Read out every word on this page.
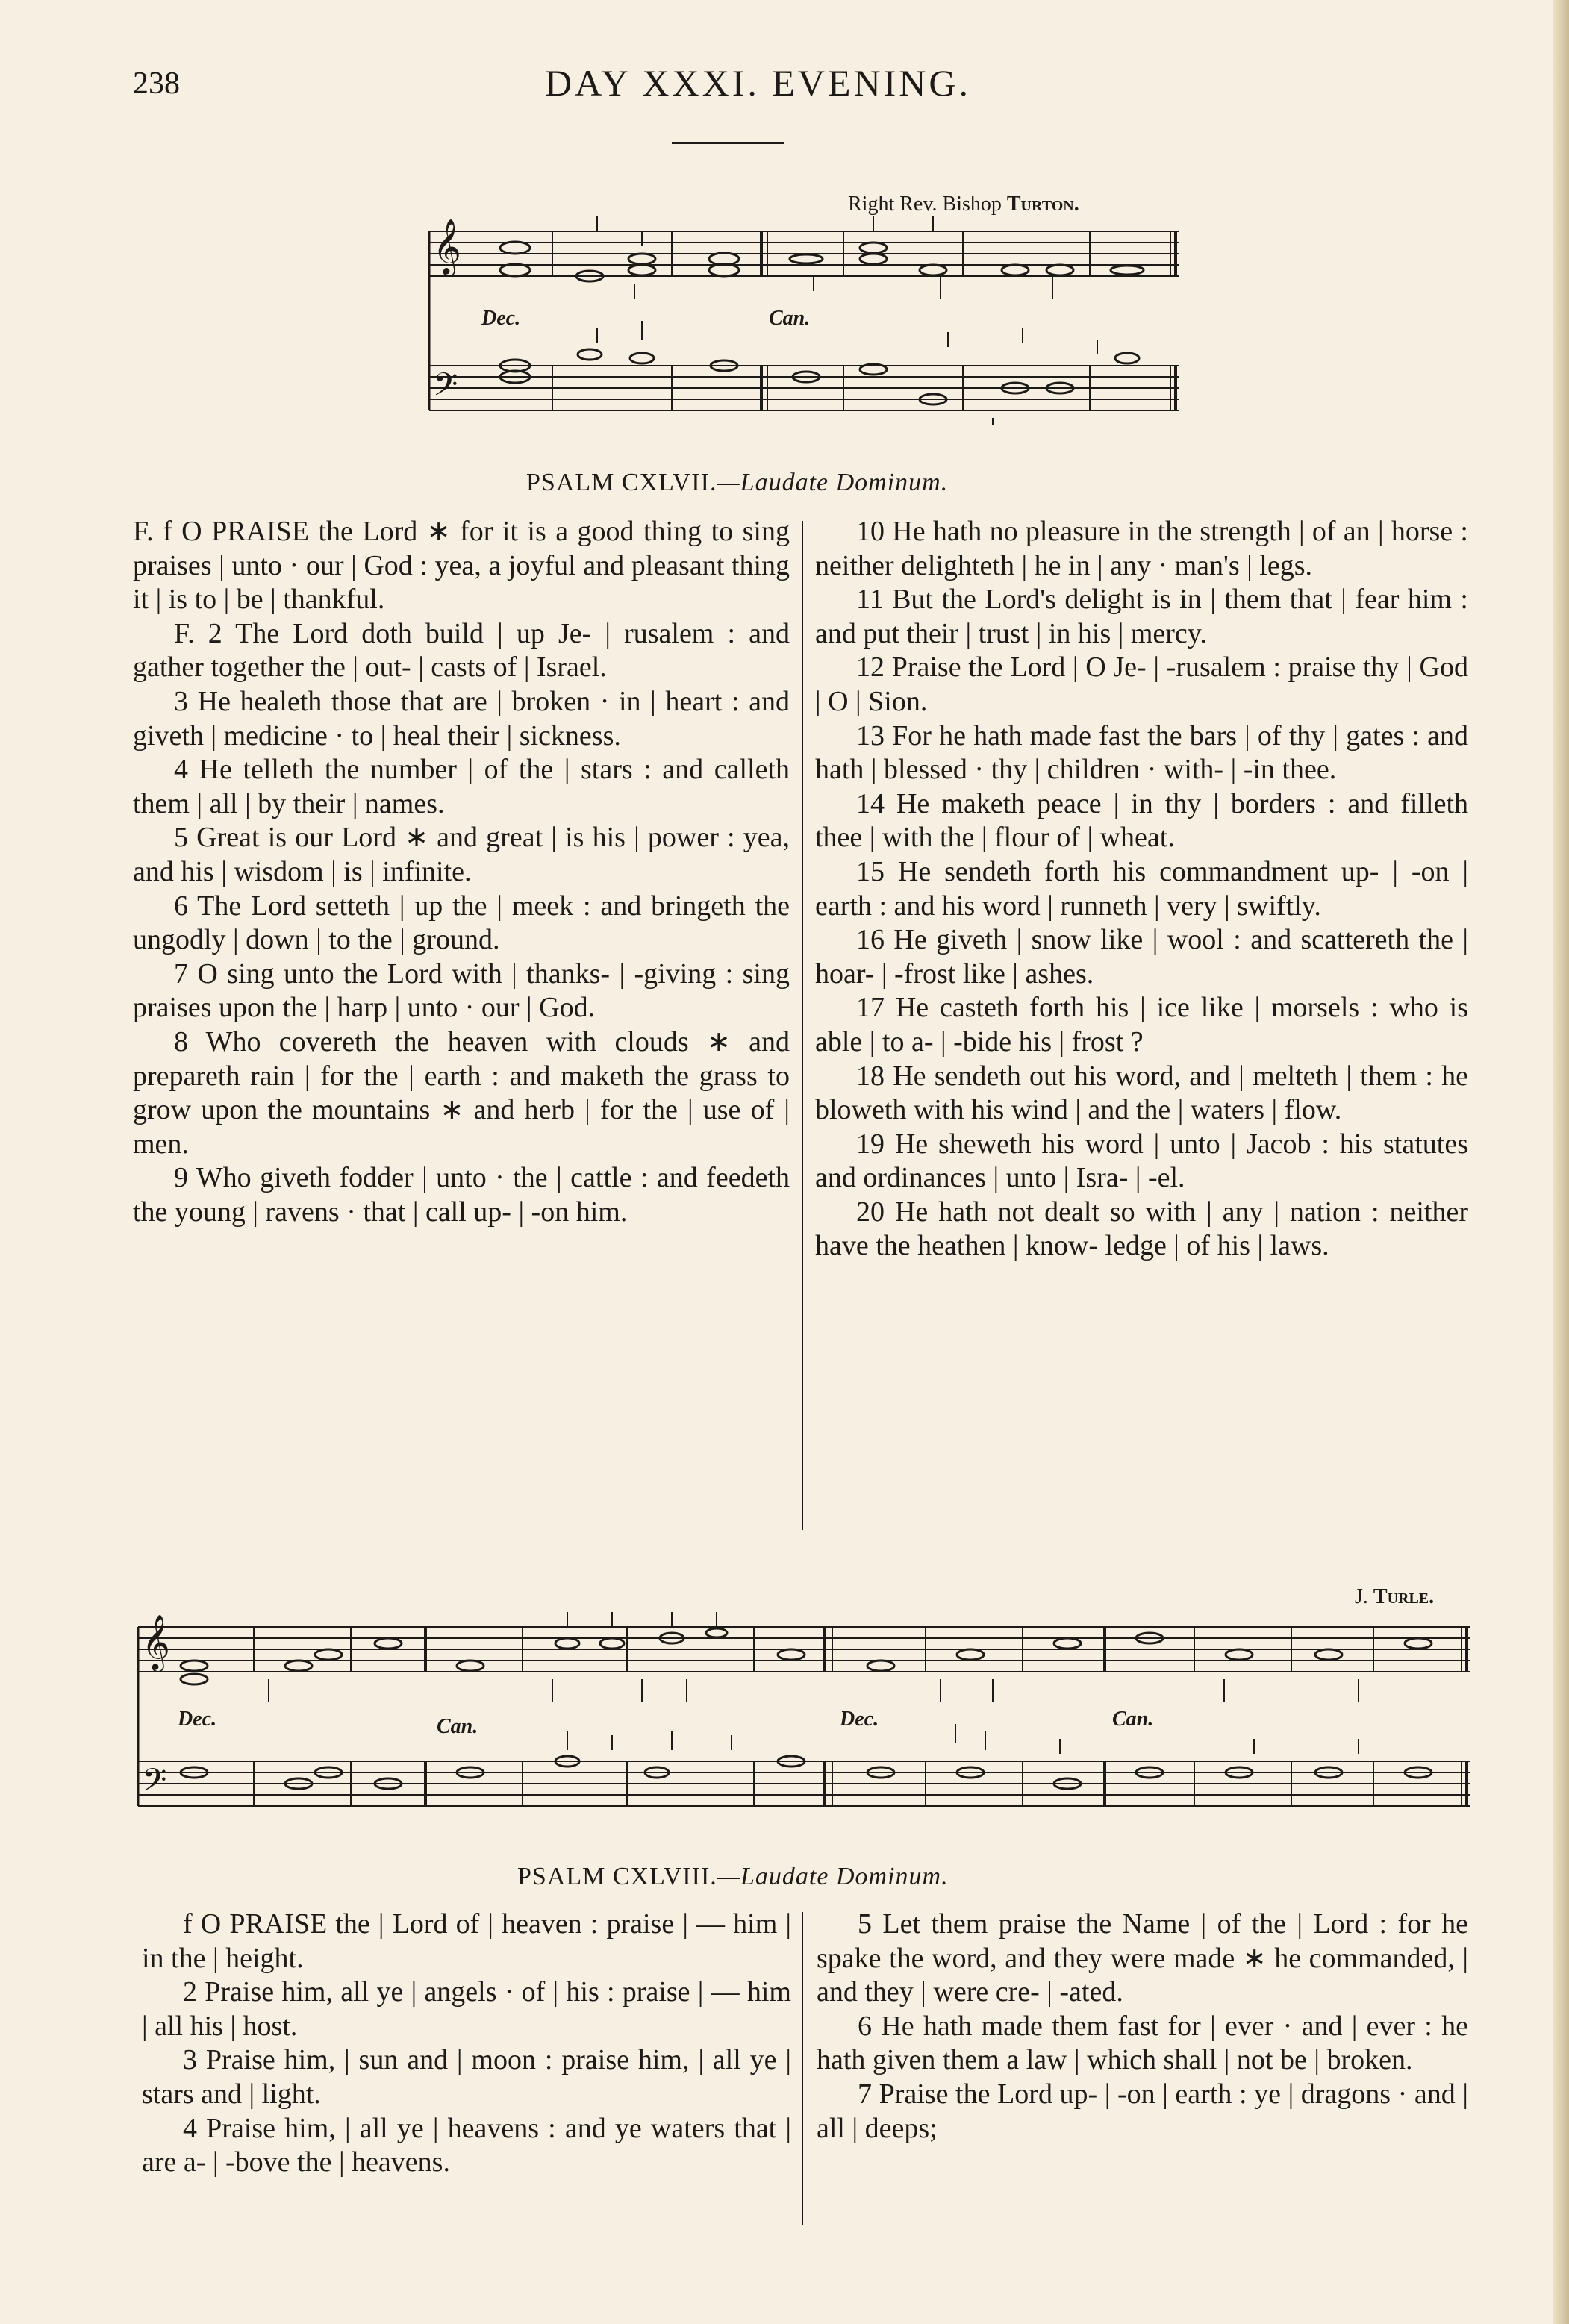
238	DAY XXXI. EVENING.
Right Rev. Bishop Turton.
𝄞
𝄢
Dec.	Can.
PSALM CXLVII.—Laudate Dominum.

F. f O PRAISE the Lord ∗ for it is a good thing to sing praises | unto · our | God : yea, a joyful and pleasant thing it | is to | be | thankful.

F. 2 The Lord doth build | up Je- | rusalem : and gather together the | out- | casts of | Israel.

3 He healeth those that are | broken · in | heart : and giveth | medicine · to | heal their | sickness.

4 He telleth the number | of the | stars : and calleth them | all | by their | names.

5 Great is our Lord ∗ and great | is his | power : yea, and his | wisdom | is | infinite.

6 The Lord setteth | up the | meek : and bringeth the ungodly | down | to the | ground.

7 O sing unto the Lord with | thanks- | -giving : sing praises upon the | harp | unto · our | God.

8 Who covereth the heaven with clouds ∗ and prepareth rain | for the | earth : and maketh the grass to grow upon the mountains ∗ and herb | for the | use of | men.

9 Who giveth fodder | unto · the | cattle : and feedeth the young | ravens · that | call up- | -on him.

10 He hath no pleasure in the strength | of an | horse : neither delighteth | he in | any · man's | legs.

11 But the Lord's delight is in | them that | fear him : and put their | trust | in his | mercy.

12 Praise the Lord | O Je- | -rusalem : praise thy | God | O | Sion.

13 For he hath made fast the bars | of thy | gates : and hath | blessed · thy | children · with- | -in thee.

14 He maketh peace | in thy | borders : and filleth thee | with the | flour of | wheat.

15 He sendeth forth his commandment up- | -on | earth : and his word | runneth | very | swiftly.

16 He giveth | snow like | wool : and scattereth the | hoar- | -frost like | ashes.

17 He casteth forth his | ice like | morsels : who is able | to a- | -bide his | frost ?

18 He sendeth out his word, and | melteth | them : he bloweth with his wind | and the | waters | flow.

19 He sheweth his word | unto | Jacob : his statutes and ordinances | unto | Isra- | -el.

20 He hath not dealt so with | any | nation : neither have the heathen | know- ledge | of his | laws.

J. Turle.
𝄞
𝄢
Dec.	Can.	Dec.	Can.
PSALM CXLVIII.—Laudate Dominum.

f O PRAISE the | Lord of | heaven : praise | — him | in the | height.

2 Praise him, all ye | angels · of | his : praise | — him | all his | host.

3 Praise him, | sun and | moon : praise him, | all ye | stars and | light.

4 Praise him, | all ye | heavens : and ye waters that | are a- | -bove the | heavens.

5 Let them praise the Name | of the | Lord : for he spake the word, and they were made ∗ he commanded, | and they | were cre- | -ated.

6 He hath made them fast for | ever · and | ever : he hath given them a law | which shall | not be | broken.

7 Praise the Lord up- | -on | earth : ye | dragons · and | all | deeps;
